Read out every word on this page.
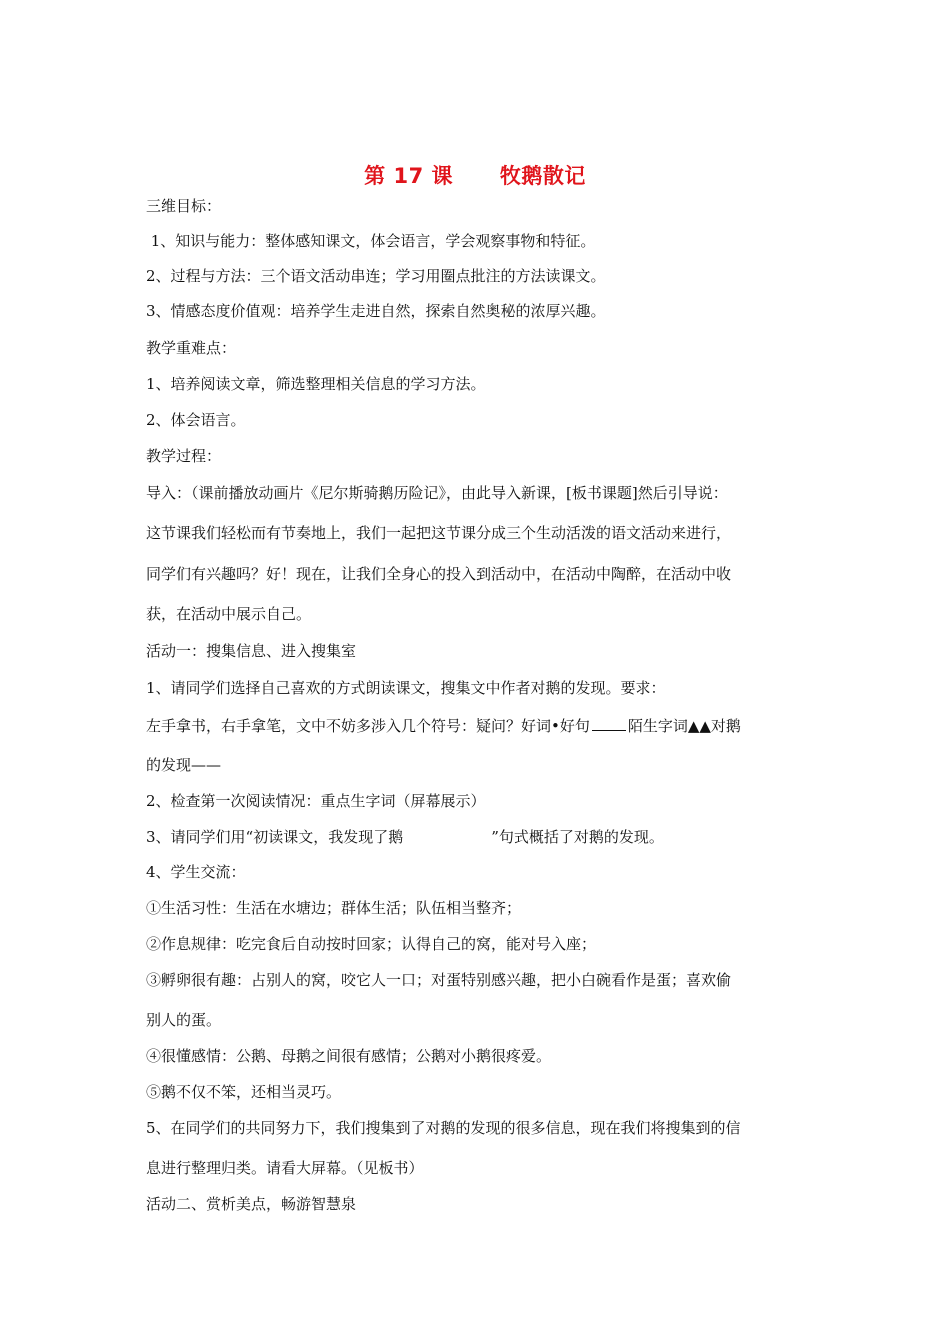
第 17 课      牧鹅散记
三维目标：
1、知识与能力：整体感知课文，体会语言，学会观察事物和特征。
2、过程与方法：三个语文活动串连；学习用圈点批注的方法读课文。
3、情感态度价值观：培养学生走进自然，探索自然奥秘的浓厚兴趣。
教学重难点：
1、培养阅读文章，筛选整理相关信息的学习方法。
2、体会语言。
教学过程：
导入：（课前播放动画片《尼尔斯骑鹅历险记》，由此导入新课，[板书课题]然后引导说：
这节课我们轻松而有节奏地上，我们一起把这节课分成三个生动活泼的语文活动来进行，
同学们有兴趣吗？好！现在，让我们全身心的投入到活动中，在活动中陶醉，在活动中收
获，在活动中展示自己。
活动一：搜集信息、进入搜集室
1、请同学们选择自己喜欢的方式朗读课文，搜集文中作者对鹅的发现。要求：
左手拿书，右手拿笔，文中不妨多涉入几个符号：疑问？好词•好句	陌生字词▲▲对鹅
的发现——
2、检查第一次阅读情况：重点生字词（屏幕展示）
3、请同学们用“初读课文，我发现了鹅	”句式概括了对鹅的发现。
4、学生交流：
①生活习性：生活在水塘边；群体生活；队伍相当整齐；
②作息规律：吃完食后自动按时回家；认得自己的窝，能对号入座；
③孵卵很有趣：占别人的窝，咬它人一口；对蛋特别感兴趣，把小白碗看作是蛋；喜欢偷
别人的蛋。
④很懂感情：公鹅、母鹅之间很有感情；公鹅对小鹅很疼爱。
⑤鹅不仅不笨，还相当灵巧。
5、在同学们的共同努力下，我们搜集到了对鹅的发现的很多信息，现在我们将搜集到的信
息进行整理归类。请看大屏幕。（见板书）
活动二、赏析美点，畅游智慧泉
